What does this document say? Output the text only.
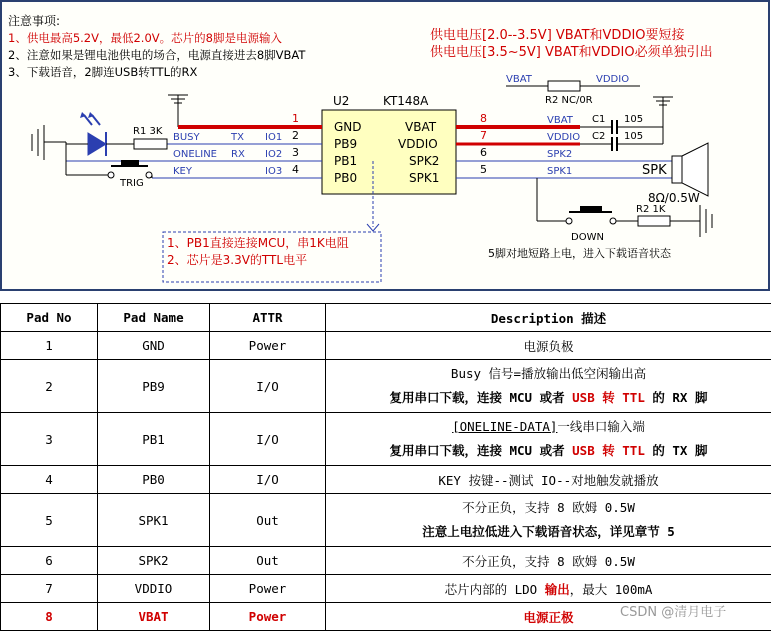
注意事项:
1、供电最高5.2V，最低2.0V。芯片的8脚是电源输入
2、注意如果是锂电池供电的场合，电源直接进去8脚VBAT
3、下载语音，2脚连USB转TTL的RX
供电电压[2.0--3.5V] VBAT和VDDIO要短接
供电电压[3.5~5V] VBAT和VDDIO必须单独引出
VBAT	VDDIO
R2 NC/0R
U2	KT148A
GND
PB9
PB1
PB0
VBAT
VDDIO
SPK2
SPK1
1
2
3
4
8
7
6
5
BUSY
ONELINE
KEY
TX
RX
IO1
IO2
IO3
R1 3K
TRIG
VBAT
VDDIO
SPK2
SPK1
C1
C2
105
105
SPK
8Ω/0.5W
DOWN
R2 1K
5脚对地短路上电，进入下载语音状态
1、PB1直接连接MCU，串1K电阻
2、芯片是3.3V的TTL电平
Pad No	Pad Name	ATTR	Description 描述
1	GND	Power	电源负极
2	PB9	I/O	Busy 信号=播放输出低空闲输出高
复用串口下载，连接 MCU 或者 USB 转 TTL 的 RX 脚

3	PB1	I/O	[ONELINE-DATA]一线串口输入端
复用串口下载，连接 MCU 或者 USB 转 TTL 的 TX 脚

4	PB0	I/O	KEY 按键--测试 IO--对地触发就播放
5	SPK1	Out	不分正负，支持 8 欧姆 0.5W
注意上电拉低进入下载语音状态，详见章节 5

6	SPK2	Out	不分正负，支持 8 欧姆 0.5W
7	VDDIO	Power	芯片内部的 LDO 输出，最大 100mA
8	VBAT	Power	电源正极	CSDN @清月电子
